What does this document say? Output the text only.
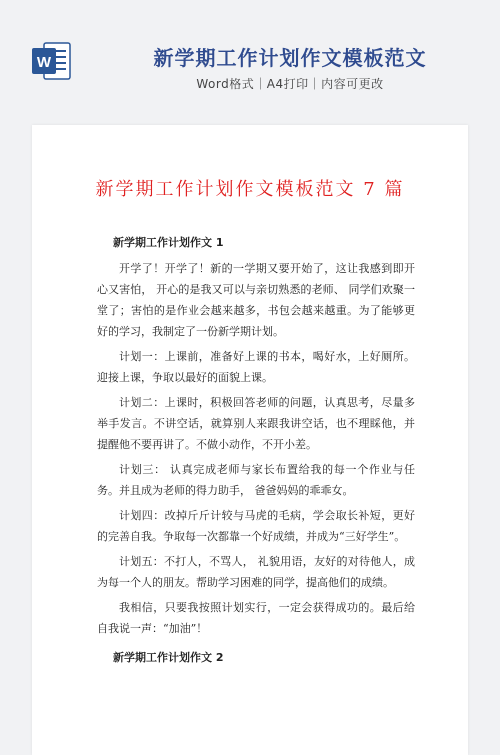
W	新学期工作计划作文模板范文
Word格式｜A4打印｜内容可更改
新学期工作计划作文模板范文 7 篇
新学期工作计划作文 1

开学了！开学了！新的一学期又要开始了，这让我感到即开心又害怕， 开心的是我又可以与亲切熟悉的老师、 同学们欢聚一堂了；害怕的是作业会越来越多，书包会越来越重。为了能够更好的学习，我制定了一份新学期计划。

计划一：上课前，准备好上课的书本，喝好水，上好厕所。迎接上课，争取以最好的面貌上课。

计划二：上课时，积极回答老师的问题，认真思考，尽量多举手发言。不讲空话，就算别人来跟我讲空话，也不理睬他，并提醒他不要再讲了。不做小动作，不开小差。

计划三： 认真完成老师与家长布置给我的每一个作业与任务。并且成为老师的得力助手， 爸爸妈妈的乖乖女。

计划四：改掉斤斤计较与马虎的毛病，学会取长补短，更好的完善自我。争取每一次都靠一个好成绩，并成为“三好学生”。

计划五：不打人，不骂人， 礼貌用语，友好的对待他人，成为每一个人的朋友。帮助学习困难的同学，提高他们的成绩。

我相信，只要我按照计划实行，一定会获得成功的。最后给自我说一声：“加油”！

新学期工作计划作文 2
